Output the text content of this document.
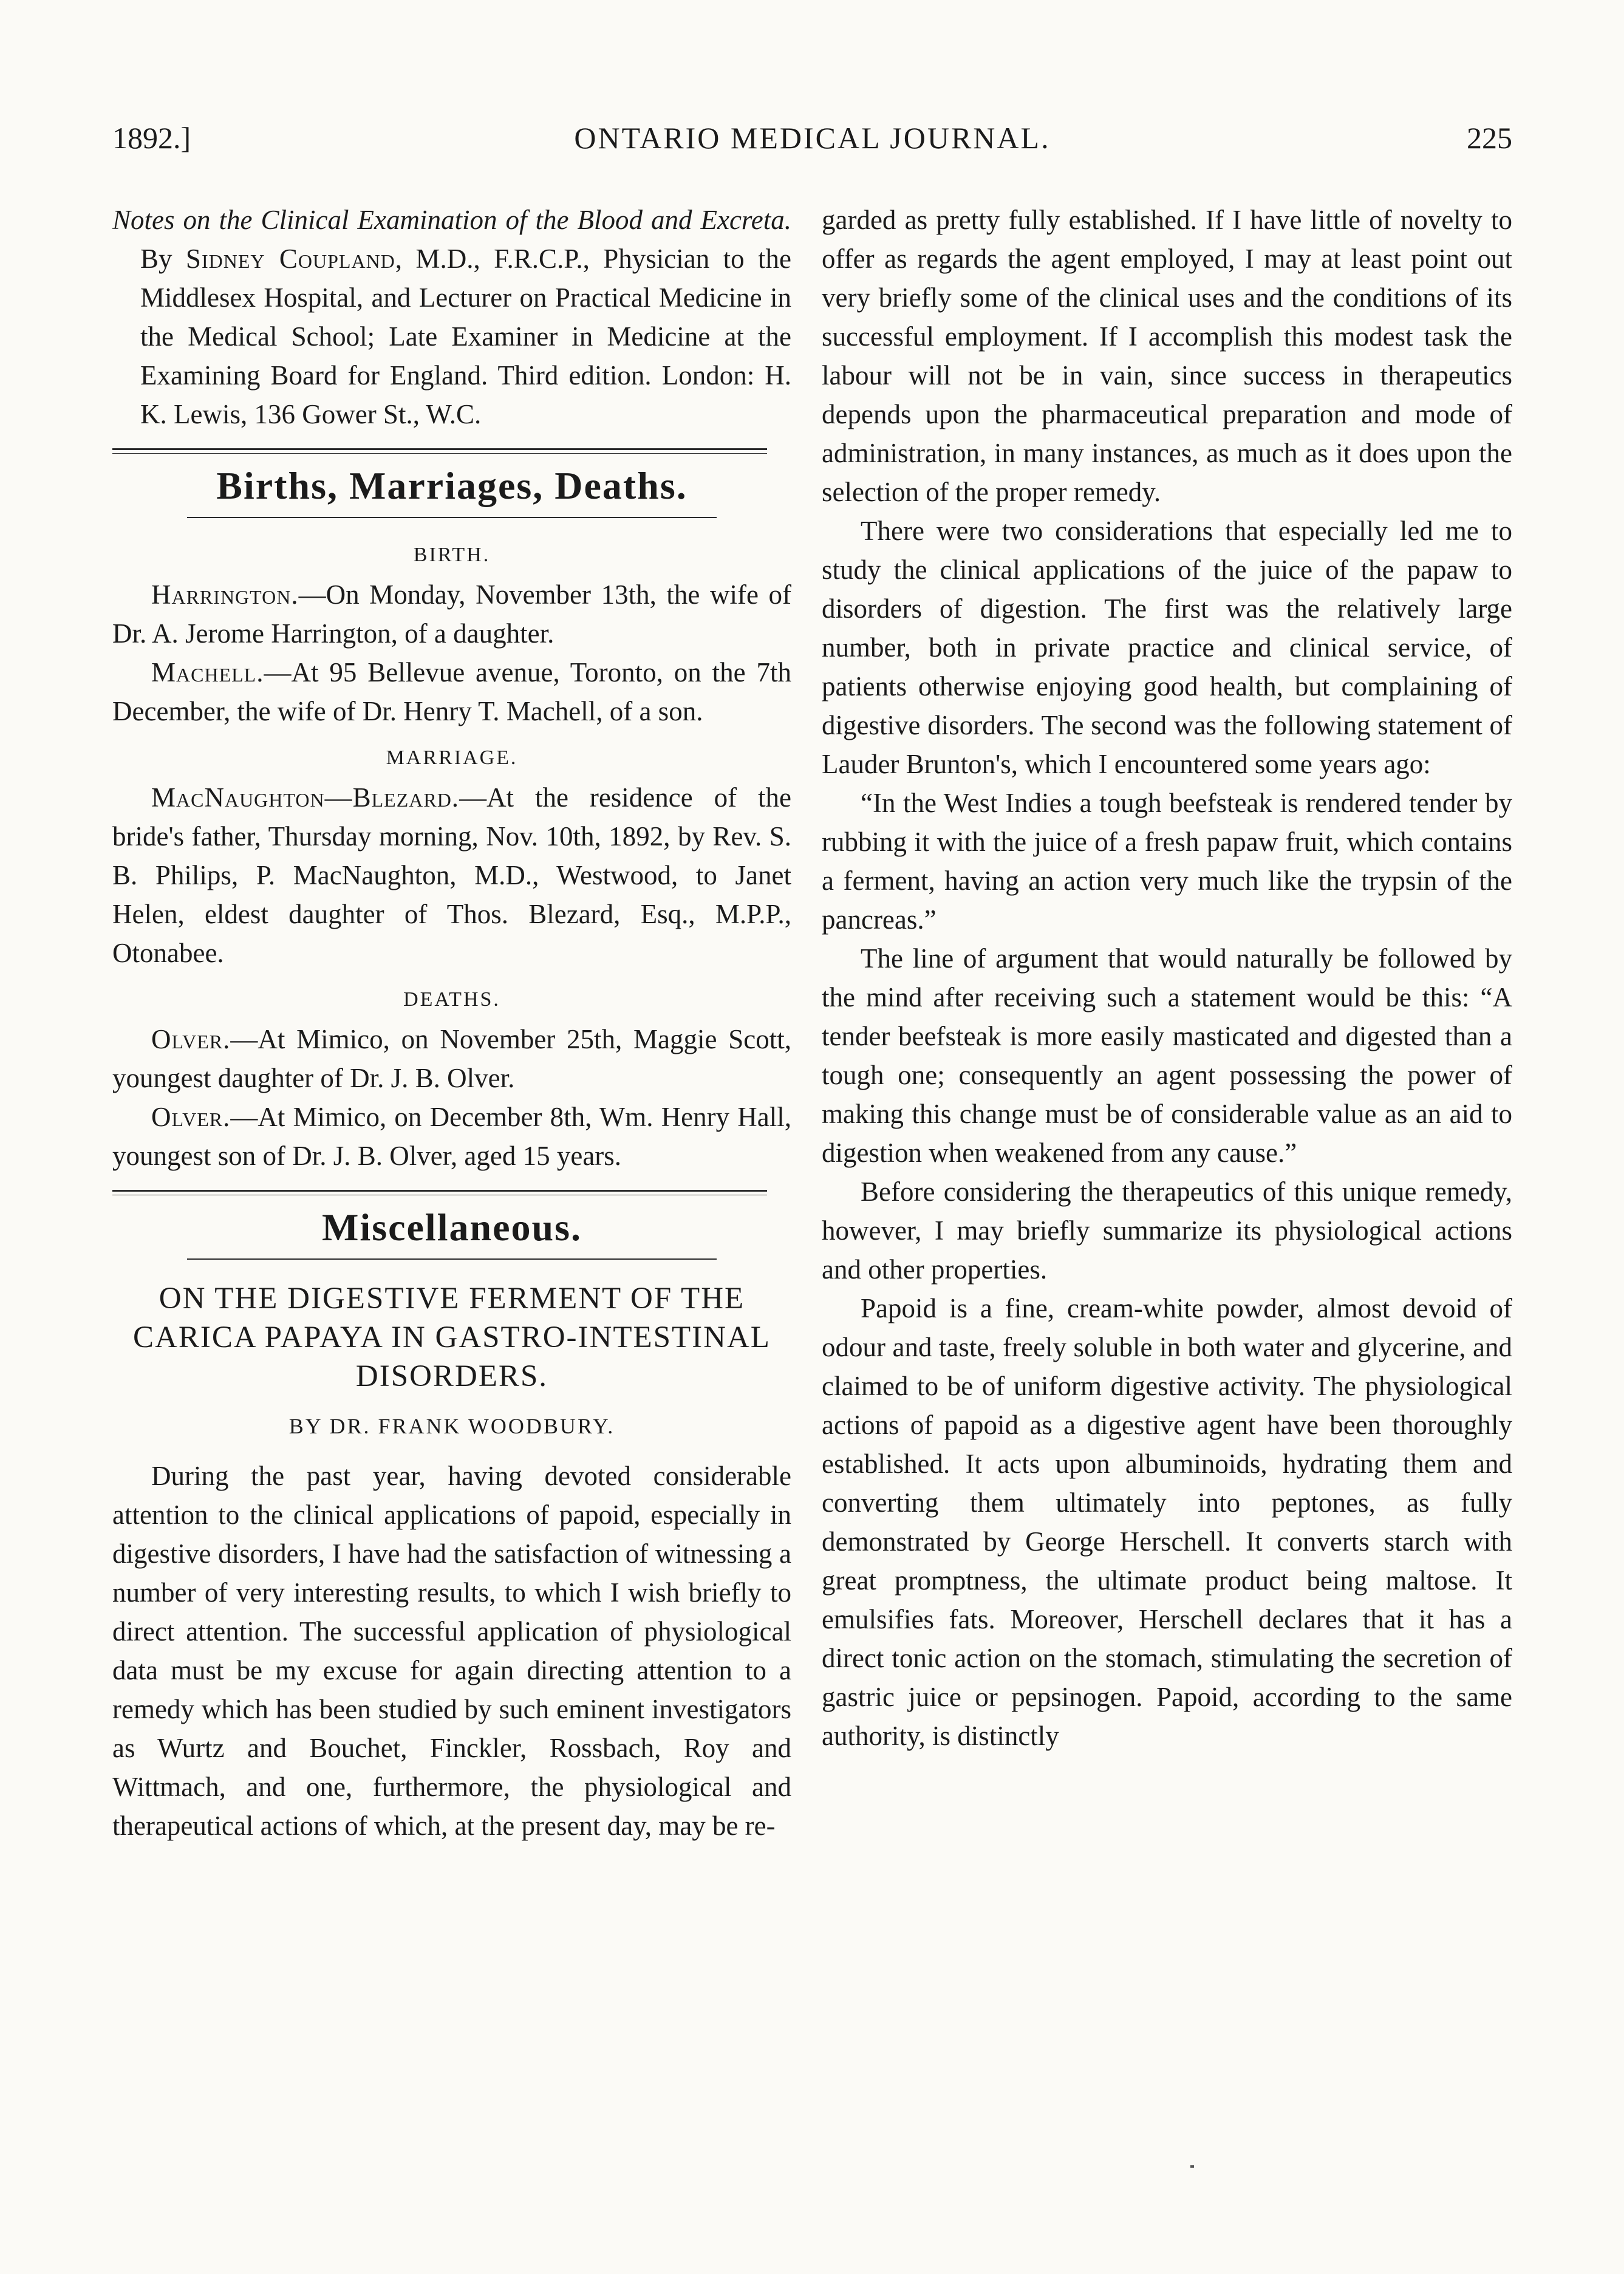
1892.]	ONTARIO MEDICAL JOURNAL.	225

Notes on the Clinical Examination of the Blood and Excreta. By Sidney Coupland, M.D., F.R.C.P., Physician to the Middlesex Hospital, and Lecturer on Practical Medicine in the Medical School; Late Examiner in Medicine at the Examining Board for England. Third edition. London: H. K. Lewis, 136 Gower St., W.C.

Births, Marriages, Deaths.
BIRTH.

Harrington.—On Monday, November 13th, the wife of Dr. A. Jerome Harrington, of a daughter.

Machell.—At 95 Bellevue avenue, Toronto, on the 7th December, the wife of Dr. Henry T. Machell, of a son.

MARRIAGE.

MacNaughton—Blezard.—At the residence of the bride's father, Thursday morning, Nov. 10th, 1892, by Rev. S. B. Philips, P. MacNaughton, M.D., Westwood, to Janet Helen, eldest daughter of Thos. Blezard, Esq., M.P.P., Otonabee.

DEATHS.

Olver.—At Mimico, on November 25th, Maggie Scott, youngest daughter of Dr. J. B. Olver.

Olver.—At Mimico, on December 8th, Wm. Henry Hall, youngest son of Dr. J. B. Olver, aged 15 years.

Miscellaneous.
ON THE DIGESTIVE FERMENT OF THE CARICA PAPAYA IN GASTRO-INTESTINAL DISORDERS.
BY DR. FRANK WOODBURY.

During the past year, having devoted considerable attention to the clinical applications of papoid, especially in digestive disorders, I have had the satisfaction of witnessing a number of very interesting results, to which I wish briefly to direct attention. The successful application of physiological data must be my excuse for again directing attention to a remedy which has been studied by such eminent investigators as Wurtz and Bouchet, Finckler, Rossbach, Roy and Wittmach, and one, furthermore, the physiological and therapeutical actions of which, at the present day, may be re-

garded as pretty fully established. If I have little of novelty to offer as regards the agent employed, I may at least point out very briefly some of the clinical uses and the conditions of its successful employment. If I accomplish this modest task the labour will not be in vain, since success in therapeutics depends upon the pharmaceutical preparation and mode of administration, in many instances, as much as it does upon the selection of the proper remedy.

There were two considerations that especially led me to study the clinical applications of the juice of the papaw to disorders of digestion. The first was the relatively large number, both in private practice and clinical service, of patients otherwise enjoying good health, but complaining of digestive disorders. The second was the following statement of Lauder Brunton's, which I encountered some years ago:

“In the West Indies a tough beefsteak is rendered tender by rubbing it with the juice of a fresh papaw fruit, which contains a ferment, having an action very much like the trypsin of the pancreas.”

The line of argument that would naturally be followed by the mind after receiving such a statement would be this: “A tender beefsteak is more easily masticated and digested than a tough one; consequently an agent possessing the power of making this change must be of considerable value as an aid to digestion when weakened from any cause.”

Before considering the therapeutics of this unique remedy, however, I may briefly summarize its physiological actions and other properties.

Papoid is a fine, cream-white powder, almost devoid of odour and taste, freely soluble in both water and glycerine, and claimed to be of uniform digestive activity. The physiological actions of papoid as a digestive agent have been thoroughly established. It acts upon albuminoids, hydrating them and converting them ultimately into peptones, as fully demonstrated by George Herschell. It converts starch with great promptness, the ultimate product being maltose. It emulsifies fats. Moreover, Herschell declares that it has a direct tonic action on the stomach, stimulating the secretion of gastric juice or pepsinogen. Papoid, according to the same authority, is distinctly
